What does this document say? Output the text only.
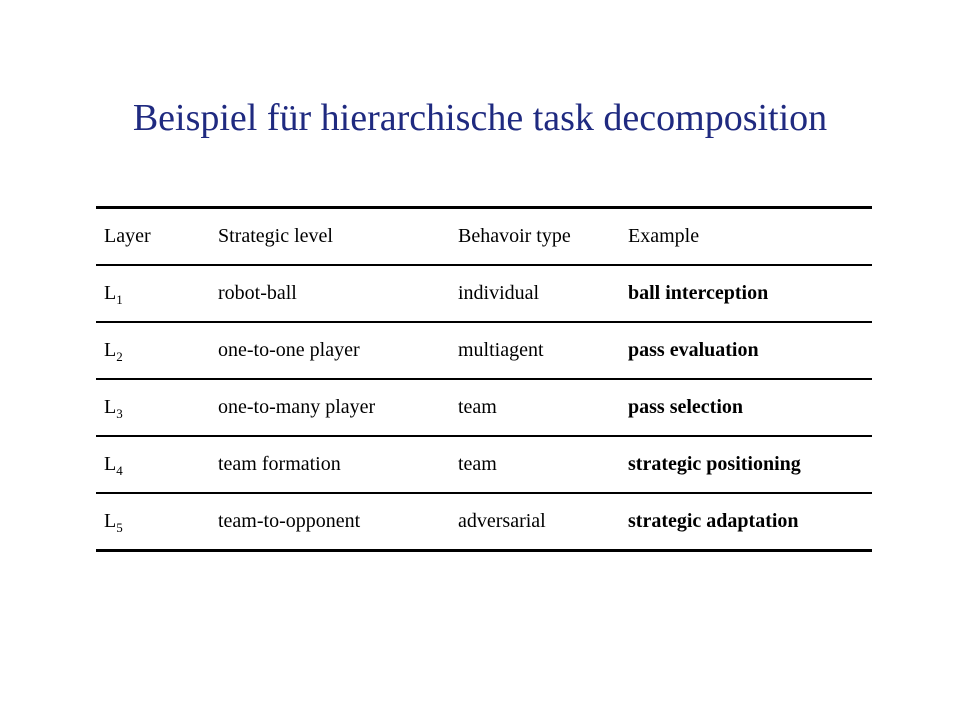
Beispiel für hierarchische task decomposition
Layer	Strategic level	Behavoir type	Example
$L_1$	robot-ball	individual	ball interception
$L_2$	one-to-one player	multiagent	pass evaluation
$L_3$	one-to-many player	team	pass selection
$L_4$	team formation	team	strategic positioning
$L_5$	team-to-opponent	adversarial	strategic adaptation
